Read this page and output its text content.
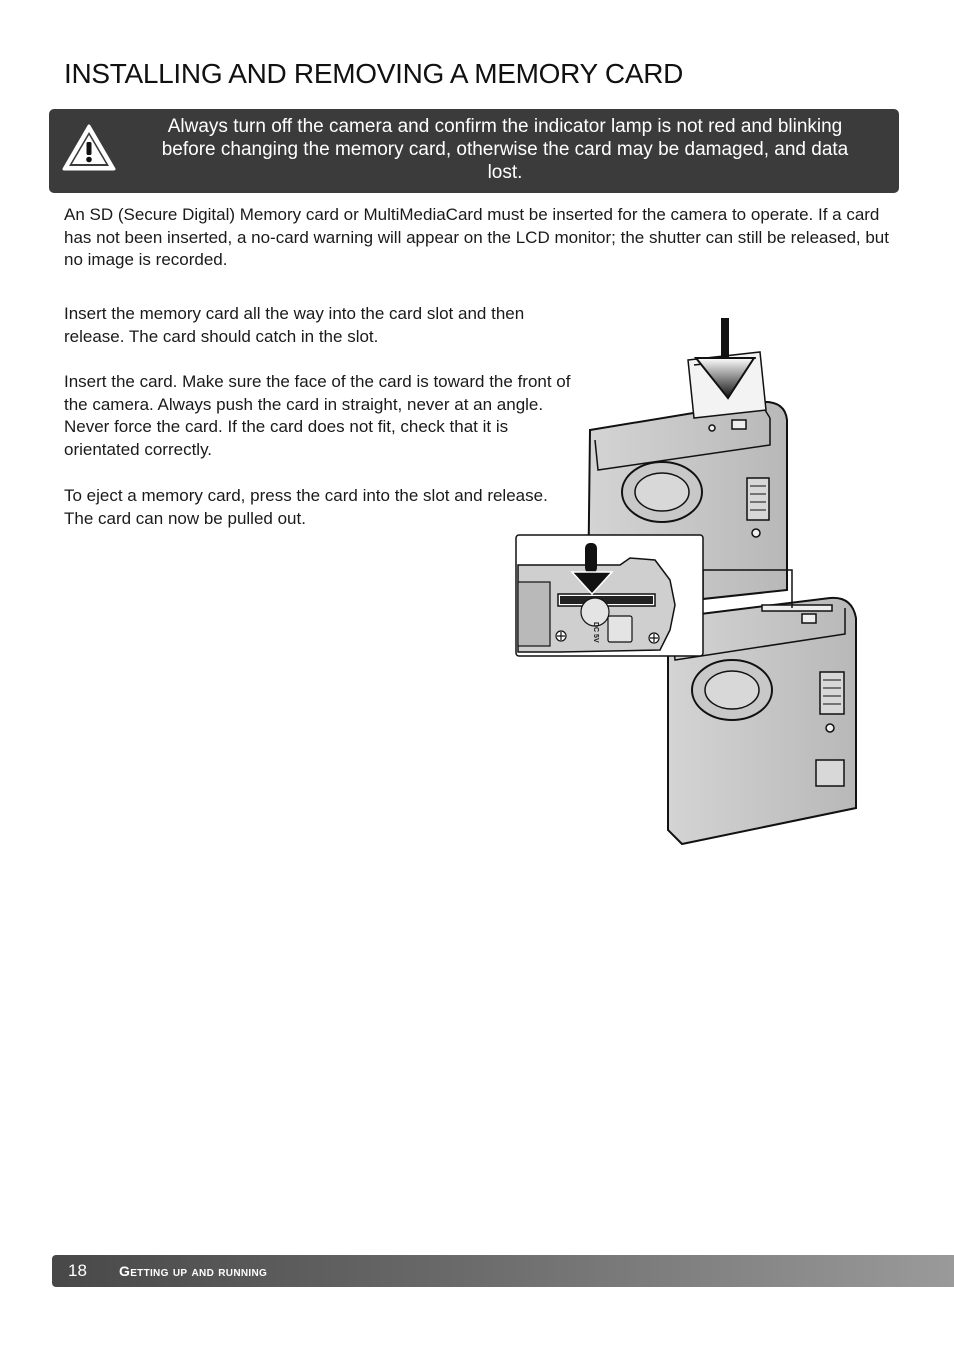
INSTALLING AND REMOVING A MEMORY CARD
Always turn off the camera and confirm the indicator lamp is not red and blinking before changing the memory card, otherwise the card may be damaged, and data lost.

An SD (Secure Digital) Memory card or MultiMediaCard must be inserted for the camera to operate. If a card has not been inserted, a no-card warning will appear on the LCD monitor; the shutter can still be released, but no image is recorded.

Insert the memory card all the way into the card slot and then release. The card should catch in the slot.

Insert the card. Make sure the face of the card is toward the front of the camera. Always push the card in straight, never at an angle. Never force the card. If the card does not fit, check that it is orientated correctly.

To eject a memory card, press the card into the slot and release. The card can now be pulled out.

DC 5V
18 Getting up and running
